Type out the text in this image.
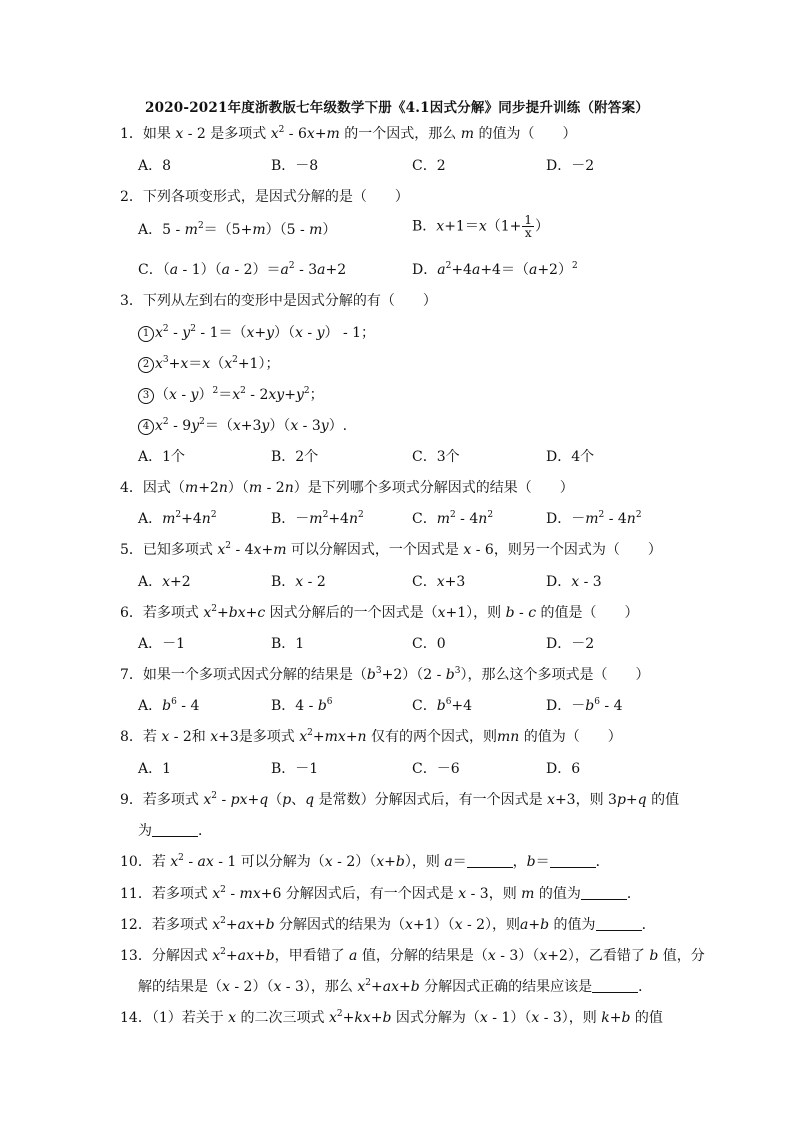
2020-2021年度浙教版七年级数学下册《4.1因式分解》同步提升训练（附答案）
1．如果 x - 2 是多项式 $x^2 - 6x+m$ 的一个因式，那么 m 的值为（　　）
A．8	B．－8	C．2	D．－2
2．下列各项变形式，是因式分解的是（　　）
A．$5 - m^2=(5+m)(5 - m)$	B．$x+1=x(1+ \frac{1}{x}$ ）
C．$(a - 1)(a - 2)=a^2 - 3a+2$	D．$a^2+4a+4=(a+2)^2$
3．下列从左到右的变形中是因式分解的有（　　）
1 $x^2 - y^2 - 1=(x+y)(x - y) - 1$；
2 $x^3+x=x(x^2+1)$；
3 $(x - y)^2=x^2 - 2xy+y^2$；
4 $x^2 - 9y^2=(x+3y)(x - 3y)$.
A．1个	B．2个	C．3个	D．4个
4．因式（m+2n）（m - 2n）是下列哪个多项式分解因式的结果（　　）
A．$m^2+4n^2$	B．$-m^2+4n^2$	C．$m^2 - 4n^2$	D．$-m^2 - 4n^2$
5．已知多项式 $x^2 - 4x+m$ 可以分解因式，一个因式是 x - 6，则另一个因式为（　　）
A．x+2	B．x - 2	C．x+3	D．x - 3
6．若多项式 $x^2+bx+c$ 因式分解后的一个因式是（x+1），则 b - c 的值是（　　）
A．－1	B．1	C．0	D．－2
7．如果一个多项式因式分解的结果是$(b^3+2)(2 - b^3)$，那么这个多项式是（　　）
A．$b^6 - 4$	B．$4 - b^6$	C．$b^6+4$	D．$-b^6 - 4$
8．若 x - 2和 x+3是多项式 $x^2+mx+n$ 仅有的两个因式，则mn 的值为（　　）
A．1	B．－1	C．－6	D．6
9．若多项式 $x^2 - px+q(p$、q 是常数）分解因式后，有一个因式是 x+3，则 3p+q 的值
为	．
10．若 $x^2$ - ax - 1 可以分解为（x - 2）（x+b），则 a＝	，b＝	．
11．若多项式 $x^2 - mx+6$ 分解因式后，有一个因式是 x - 3，则 m 的值为	．
12．若多项式 $x^2+ax+b$ 分解因式的结果为（x+1）（x - 2），则a+b 的值为	．
13．分解因式 $x^2+ax+b$，甲看错了 a 值，分解的结果是（x - 3）（x+2），乙看错了 b 值，分
解的结果是（x - 2）（x - 3），那么 $x^2+ax+b$ 分解因式正确的结果应该是	．
14．（1）若关于 x 的二次三项式 $x^2+kx+b$ 因式分解为（x - 1）（x - 3），则 k+b 的值
